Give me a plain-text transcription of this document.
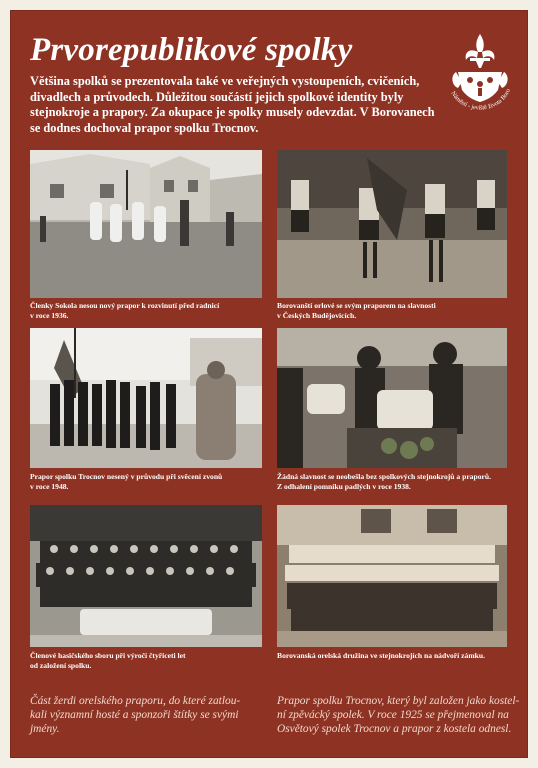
Prvorepublikové spolky
Většina spolků se prezentovala také ve veřejných vystoupeních, cvičeních, divadlech a průvodech. Důležitou součástí jejich spolkové identity byly stejnokroje a prapory. Za okupace je spolky musely odevzdat. V Borovanech se dodnes dochoval prapor spolku Trocnov.
Náměstí - jeviště života Boro
Členky Sokola nesou nový prapor k rozvinutí před radnicí
v roce 1936.
Borovanští orlové se svým praporem na slavnosti
v Českých Budějovicích.
Prapor spolku Trocnov nesený v průvodu při svěcení zvonů
v roce 1948.
Žádná slavnost se neobešla bez spolkových stejnokrojů a praporů.
Z odhalení pomníku padlých v roce 1938.
Členové hasičského sboru při výročí čtyřiceti let
od založení spolku.
Borovanská orelská družina ve stejnokrojích na nádvoří zámku.
Část žerdi orelského praporu, do které zatlou-
kali významní hosté a sponzoři štítky se svými
jmény.
Prapor spolku Trocnov, který byl založen jako kostel-
ní zpěvácký spolek. V roce 1925 se přejmenoval na
Osvětový spolek Trocnov a prapor z kostela odnesl.
